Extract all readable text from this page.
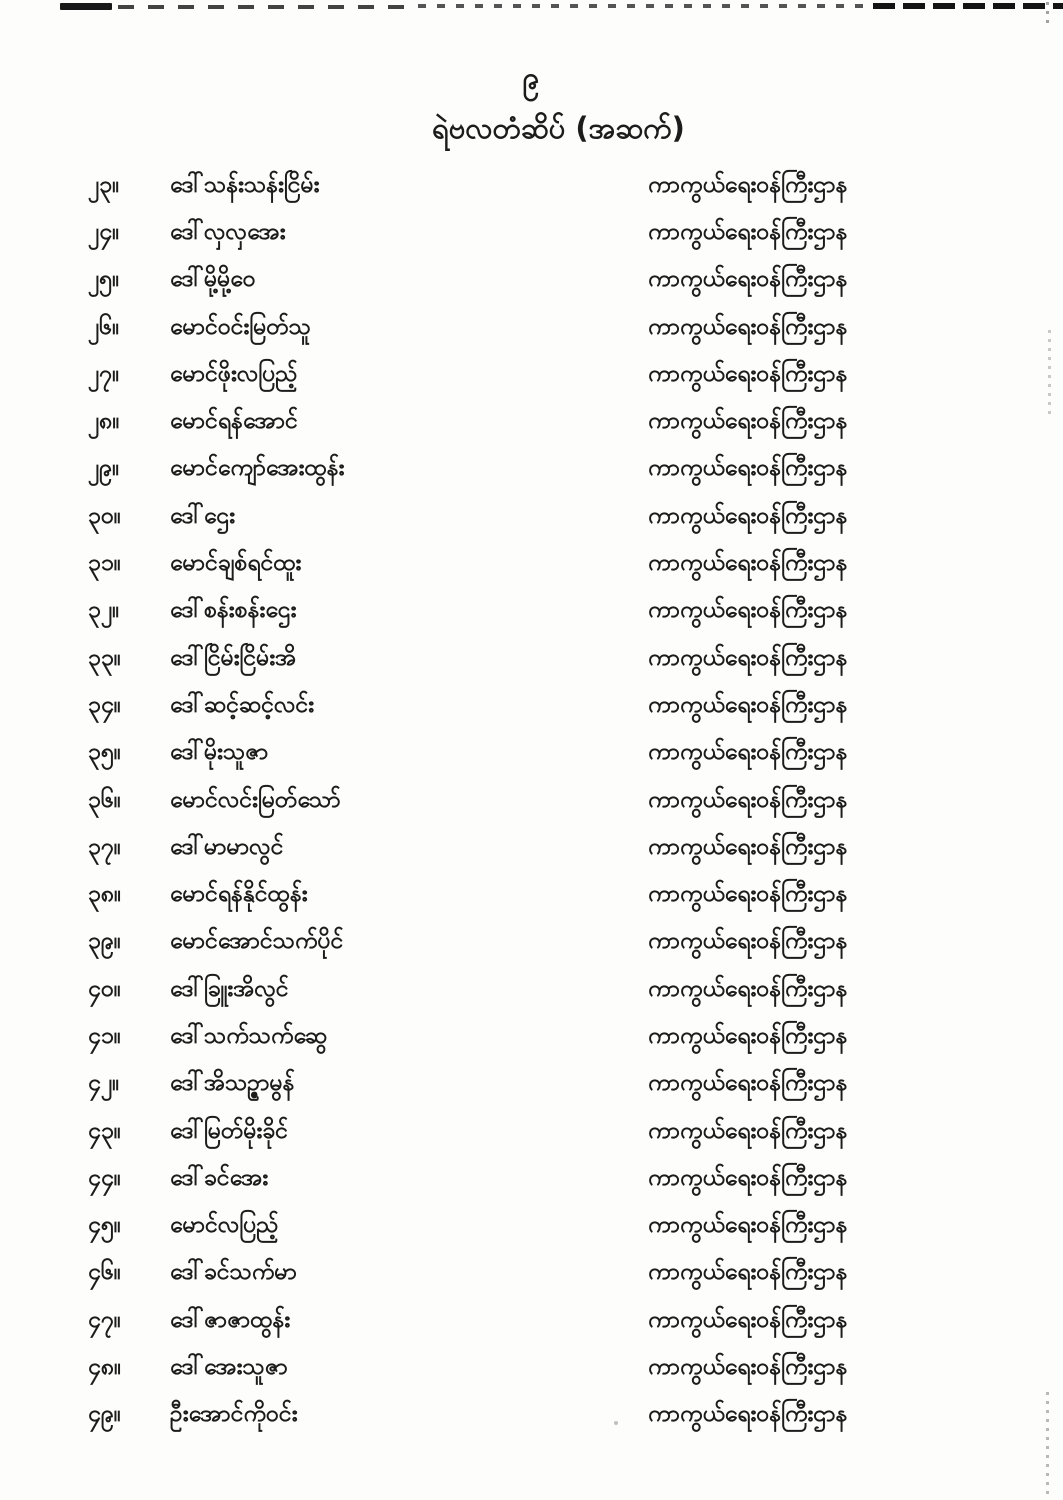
၉
ရဲဗလတံဆိပ် (အဆက်)
၂၃။	ဒေါ်သန်းသန်းငြိမ်း	ကာကွယ်ရေးဝန်ကြီးဌာန
၂၄။	ဒေါ်လှလှအေး	ကာကွယ်ရေးဝန်ကြီးဌာန
၂၅။	ဒေါ်မို့မို့ဝေ	ကာကွယ်ရေးဝန်ကြီးဌာန
၂၆။	မောင်ဝင်းမြတ်သူ	ကာကွယ်ရေးဝန်ကြီးဌာန
၂၇။	မောင်ဖိုးလပြည့်	ကာကွယ်ရေးဝန်ကြီးဌာန
၂၈။	မောင်ရန်အောင်	ကာကွယ်ရေးဝန်ကြီးဌာန
၂၉။	မောင်ကျော်အေးထွန်း	ကာကွယ်ရေးဝန်ကြီးဌာန
၃၀။	ဒေါ်ဌေး	ကာကွယ်ရေးဝန်ကြီးဌာန
၃၁။	မောင်ချစ်ရင်ထူး	ကာကွယ်ရေးဝန်ကြီးဌာန
၃၂။	ဒေါ်စန်းစန်းဌေး	ကာကွယ်ရေးဝန်ကြီးဌာန
၃၃။	ဒေါ်ငြိမ်းငြိမ်းအိ	ကာကွယ်ရေးဝန်ကြီးဌာန
၃၄။	ဒေါ်ဆင့်ဆင့်လင်း	ကာကွယ်ရေးဝန်ကြီးဌာန
၃၅။	ဒေါ်မိုးသူဇာ	ကာကွယ်ရေးဝန်ကြီးဌာန
၃၆။	မောင်လင်းမြတ်သော်	ကာကွယ်ရေးဝန်ကြီးဌာန
၃၇။	ဒေါ်မာမာလွင်	ကာကွယ်ရေးဝန်ကြီးဌာန
၃၈။	မောင်ရန်နိုင်ထွန်း	ကာကွယ်ရေးဝန်ကြီးဌာန
၃၉။	မောင်အောင်သက်ပိုင်	ကာကွယ်ရေးဝန်ကြီးဌာန
၄၀။	ဒေါ်ခြူးအိလွင်	ကာကွယ်ရေးဝန်ကြီးဌာန
၄၁။	ဒေါ်သက်သက်ဆွေ	ကာကွယ်ရေးဝန်ကြီးဌာန
၄၂။	ဒေါ်အိသဥ္ဇာမွန်	ကာကွယ်ရေးဝန်ကြီးဌာန
၄၃။	ဒေါ်မြတ်မိုးခိုင်	ကာကွယ်ရေးဝန်ကြီးဌာန
၄၄။	ဒေါ်ခင်အေး	ကာကွယ်ရေးဝန်ကြီးဌာန
၄၅။	မောင်လပြည့်	ကာကွယ်ရေးဝန်ကြီးဌာန
၄၆။	ဒေါ်ခင်သက်မာ	ကာကွယ်ရေးဝန်ကြီးဌာန
၄၇။	ဒေါ်ဇာဇာထွန်း	ကာကွယ်ရေးဝန်ကြီးဌာန
၄၈။	ဒေါ်အေးသူဇာ	ကာကွယ်ရေးဝန်ကြီးဌာန
၄၉။	ဦးအောင်ကိုဝင်း	ကာကွယ်ရေးဝန်ကြီးဌာန
